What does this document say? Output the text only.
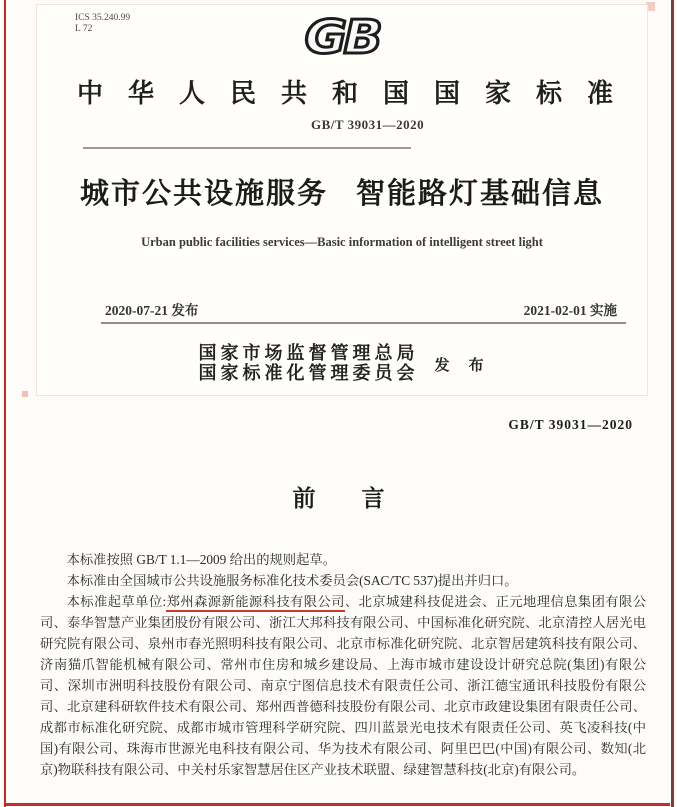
ICS 35.240.99
L 72	GB
中华人民共和国国家标准
GB/T 39031—2020
城市公共设施服务 智能路灯基础信息
Urban public facilities services—Basic information of intelligent street light
2020-07-21 发布	2021-02-01 实施
国家市场监督管理总局
国家标准化管理委员会 发　布
GB/T 39031—2020
前　　言

本标准按照 GB/T 1.1—2009 给出的规则起草。

本标准由全国城市公共设施服务标准化技术委员会(SAC/TC 537)提出并归口。

本标准起草单位:郑州森源新能源科技有限公司、北京城建科技促进会、正元地理信息集团有限公司、泰华智慧产业集团股份有限公司、浙江大邦科技有限公司、中国标准化研究院、北京清控人居光电研究院有限公司、泉州市春光照明科技有限公司、北京市标准化研究院、北京智居建筑科技有限公司、济南猫爪智能机械有限公司、常州市住房和城乡建设局、上海市城市建设设计研究总院(集团)有限公司、深圳市洲明科技股份有限公司、南京宁图信息技术有限责任公司、浙江德宝通讯科技股份有限公司、北京建科研软件技术有限公司、郑州西普德科技股份有限公司、北京市政建设集团有限责任公司、成都市标准化研究院、成都市城市管理科学研究院、四川蓝景光电技术有限责任公司、英飞凌科技(中国)有限公司、珠海市世源光电科技有限公司、华为技术有限公司、阿里巴巴(中国)有限公司、数知(北京)物联科技有限公司、中关村乐家智慧居住区产业技术联盟、绿建智慧科技(北京)有限公司。
